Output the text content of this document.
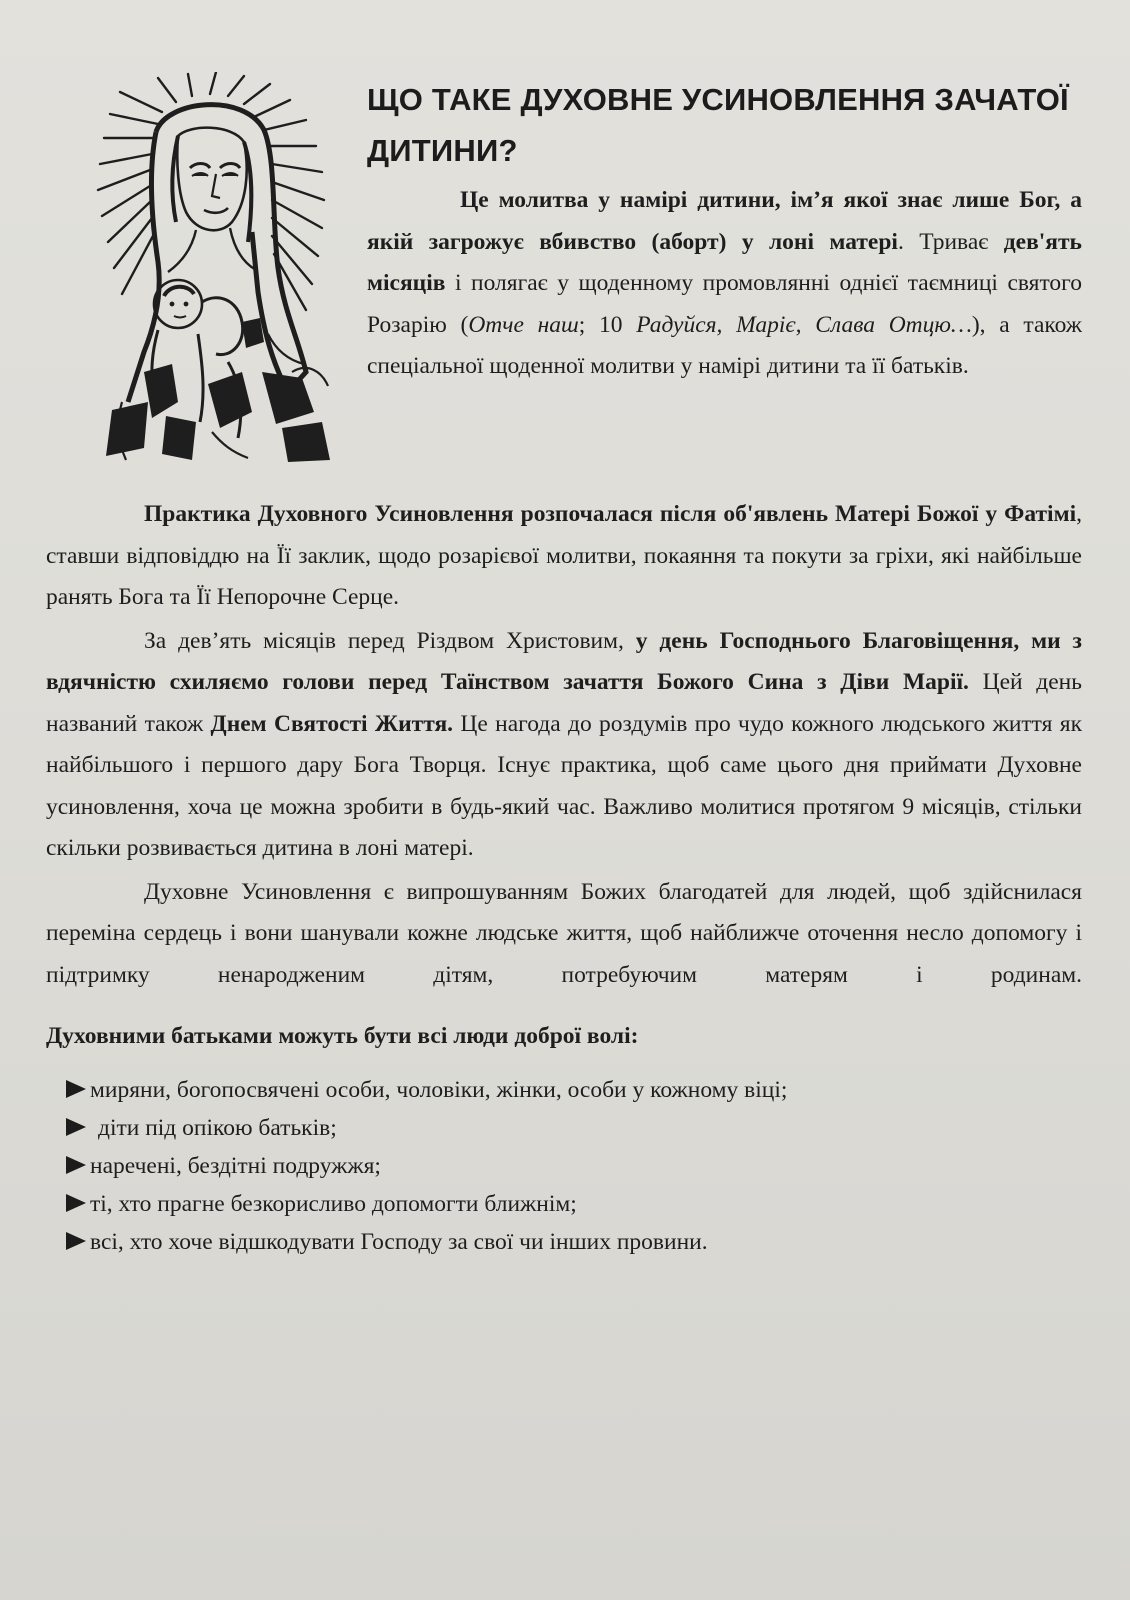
ЩО ТАКЕ ДУХОВНЕ УСИНОВЛЕННЯ ЗАЧАТОЇ ДИТИНИ?

Це молитва у намірі дитини, ім’я якої знає лише Бог, а якій загрожує вбивство (аборт) у лоні матері. Триває дев'ять місяців і полягає у щоденному промовлянні однієї таємниці святого Розарію (Отче наш; 10 Радуйся, Маріє, Слава Отцю…), а також спеціальної щоденної молитви у намірі дитини та її батьків.

Практика Духовного Усиновлення розпочалася після об'явлень Матері Божої у Фатімі, ставши відповіддю на Її заклик, щодо розарієвої молитви, покаяння та покути за гріхи, які найбільше ранять Бога та Її Непорочне Серце.

За дев’ять місяців перед Різдвом Христовим, у день Господнього Благовіщення, ми з вдячністю схиляємо голови перед Таїнством зачаття Божого Сина з Діви Марії. Цей день названий також Днем Святості Життя. Це нагода до роздумів про чудо кожного людського життя як найбільшого і першого дару Бога Творця. Існує практика, щоб саме цього дня приймати Духовне усиновлення, хоча це можна зробити в будь-який час. Важливо молитися протягом 9 місяців, стільки скільки розвивається дитина в лоні матері.

Духовне Усиновлення є випрошуванням Божих благодатей для людей, щоб здійснилася переміна сердець і вони шанували кожне людське життя, щоб найближче оточення несло допомогу і підтримку ненародженим дітям, потребуючим матерям і родинам.

Духовними батьками можуть бути всі люди доброї волі:
миряни, богопосвячені особи, чоловіки, жінки, особи у кожному віці;
діти під опікою батьків;
наречені, бездітні подружжя;
ті, хто прагне безкорисливо допомогти ближнім;
всі, хто хоче відшкодувати Господу за свої чи інших провини.
